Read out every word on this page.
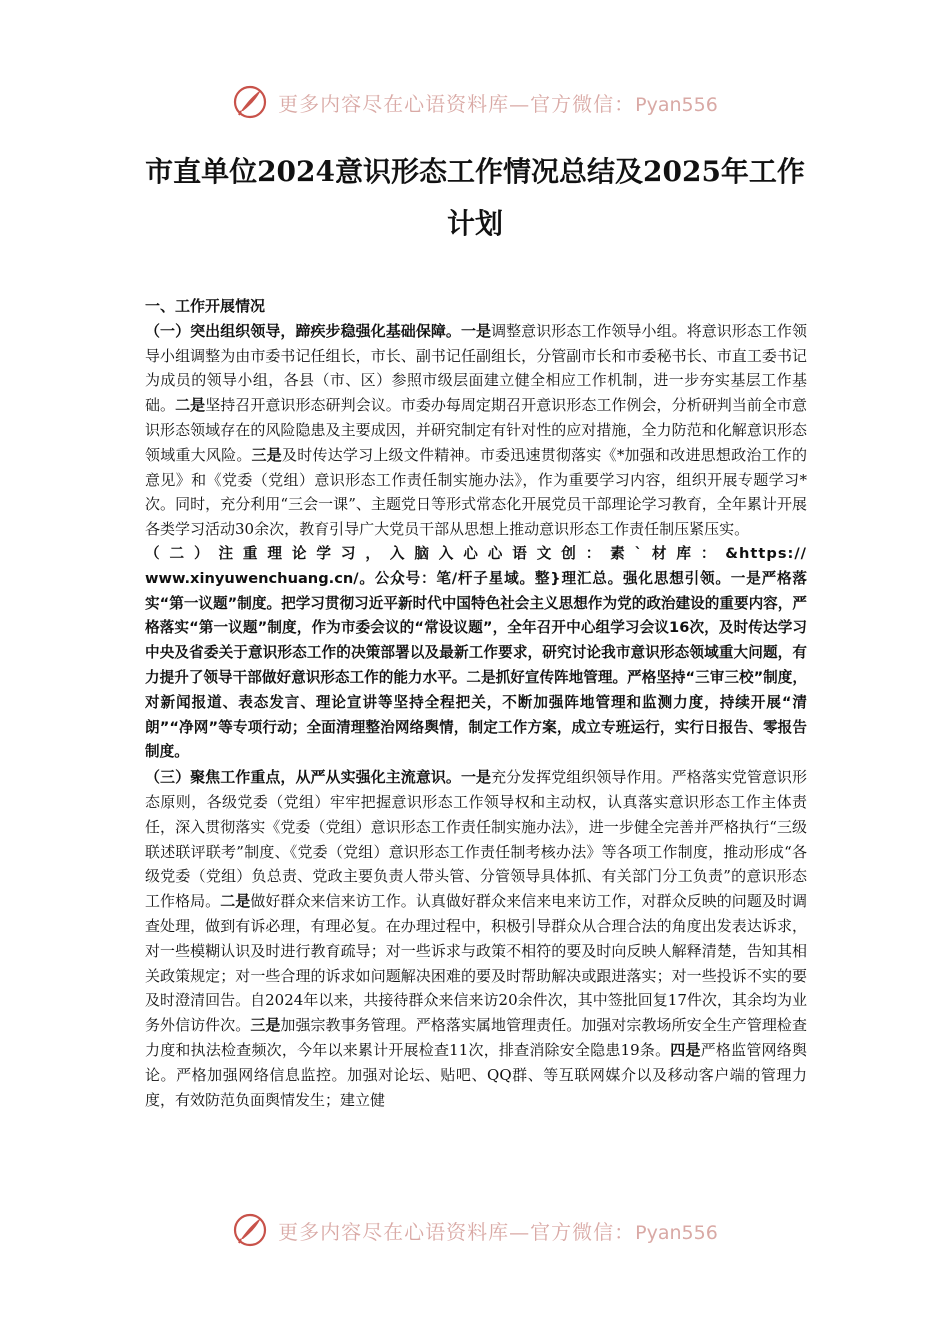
更多内容尽在心语资料库—官方微信：Pyan556
市直单位2024意识形态工作情况总结及2025年工作计划

一、工作开展情况

（一）突出组织领导，蹄疾步稳强化基础保障。一是调整意识形态工作领导小组。将意识形态工作领导小组调整为由市委书记任组长，市长、副书记任副组长，分管副市长和市委秘书长、市直工委书记为成员的领导小组，各县（市、区）参照市级层面建立健全相应工作机制，进一步夯实基层工作基础。二是坚持召开意识形态研判会议。市委办每周定期召开意识形态工作例会，分析研判当前全市意识形态领域存在的风险隐患及主要成因，并研究制定有针对性的应对措施，全力防范和化解意识形态领域重大风险。三是及时传达学习上级文件精神。市委迅速贯彻落实《*加强和改进思想政治工作的意见》和《党委（党组）意识形态工作责任制实施办法》，作为重要学习内容，组织开展专题学习*次。同时，充分利用“三会一课”、主题党日等形式常态化开展党员干部理论学习教育，全年累计开展各类学习活动30余次，教育引导广大党员干部从思想上推动意识形态工作责任制压紧压实。

（二）注重理论学习，入脑入心心语文创：素`材库：&https://

www.xinyuwenchuang.cn/。公众号：笔/杆子星域。整}理汇总。强化思想引领。一是严格落实“第一议题”制度。把学习贯彻习近平新时代中国特色社会主义思想作为党的政治建设的重要内容，严格落实“第一议题”制度，作为市委会议的“常设议题”，全年召开中心组学习会议16次，及时传达学习中央及省委关于意识形态工作的决策部署以及最新工作要求，研究讨论我市意识形态领域重大问题，有力提升了领导干部做好意识形态工作的能力水平。二是抓好宣传阵地管理。严格坚持“三审三校”制度，对新闻报道、表态发言、理论宣讲等坚持全程把关，不断加强阵地管理和监测力度，持续开展“清朗”“净网”等专项行动；全面清理整治网络舆情，制定工作方案，成立专班运行，实行日报告、零报告制度。

（三）聚焦工作重点，从严从实强化主流意识。一是充分发挥党组织领导作用。严格落实党管意识形态原则，各级党委（党组）牢牢把握意识形态工作领导权和主动权，认真落实意识形态工作主体责任，深入贯彻落实《党委（党组）意识形态工作责任制实施办法》，进一步健全完善并严格执行“三级联述联评联考”制度、《党委（党组）意识形态工作责任制考核办法》等各项工作制度，推动形成“各级党委（党组）负总责、党政主要负责人带头管、分管领导具体抓、有关部门分工负责”的意识形态工作格局。二是做好群众来信来访工作。认真做好群众来信来电来访工作，对群众反映的问题及时调查处理，做到有诉必理，有理必复。在办理过程中，积极引导群众从合理合法的角度出发表达诉求，对一些模糊认识及时进行教育疏导；对一些诉求与政策不相符的要及时向反映人解释清楚，告知其相关政策规定；对一些合理的诉求如问题解决困难的要及时帮助解决或跟进落实；对一些投诉不实的要及时澄清回告。自2024年以来，共接待群众来信来访20余件次，其中签批回复17件次，其余均为业务外信访件次。三是加强宗教事务管理。严格落实属地管理责任。加强对宗教场所安全生产管理检查力度和执法检查频次，今年以来累计开展检查11次，排查消除安全隐患19条。四是严格监管网络舆论。严格加强网络信息监控。加强对论坛、贴吧、QQ群、等互联网媒介以及移动客户端的管理力度，有效防范负面舆情发生；建立健

更多内容尽在心语资料库—官方微信：Pyan556
